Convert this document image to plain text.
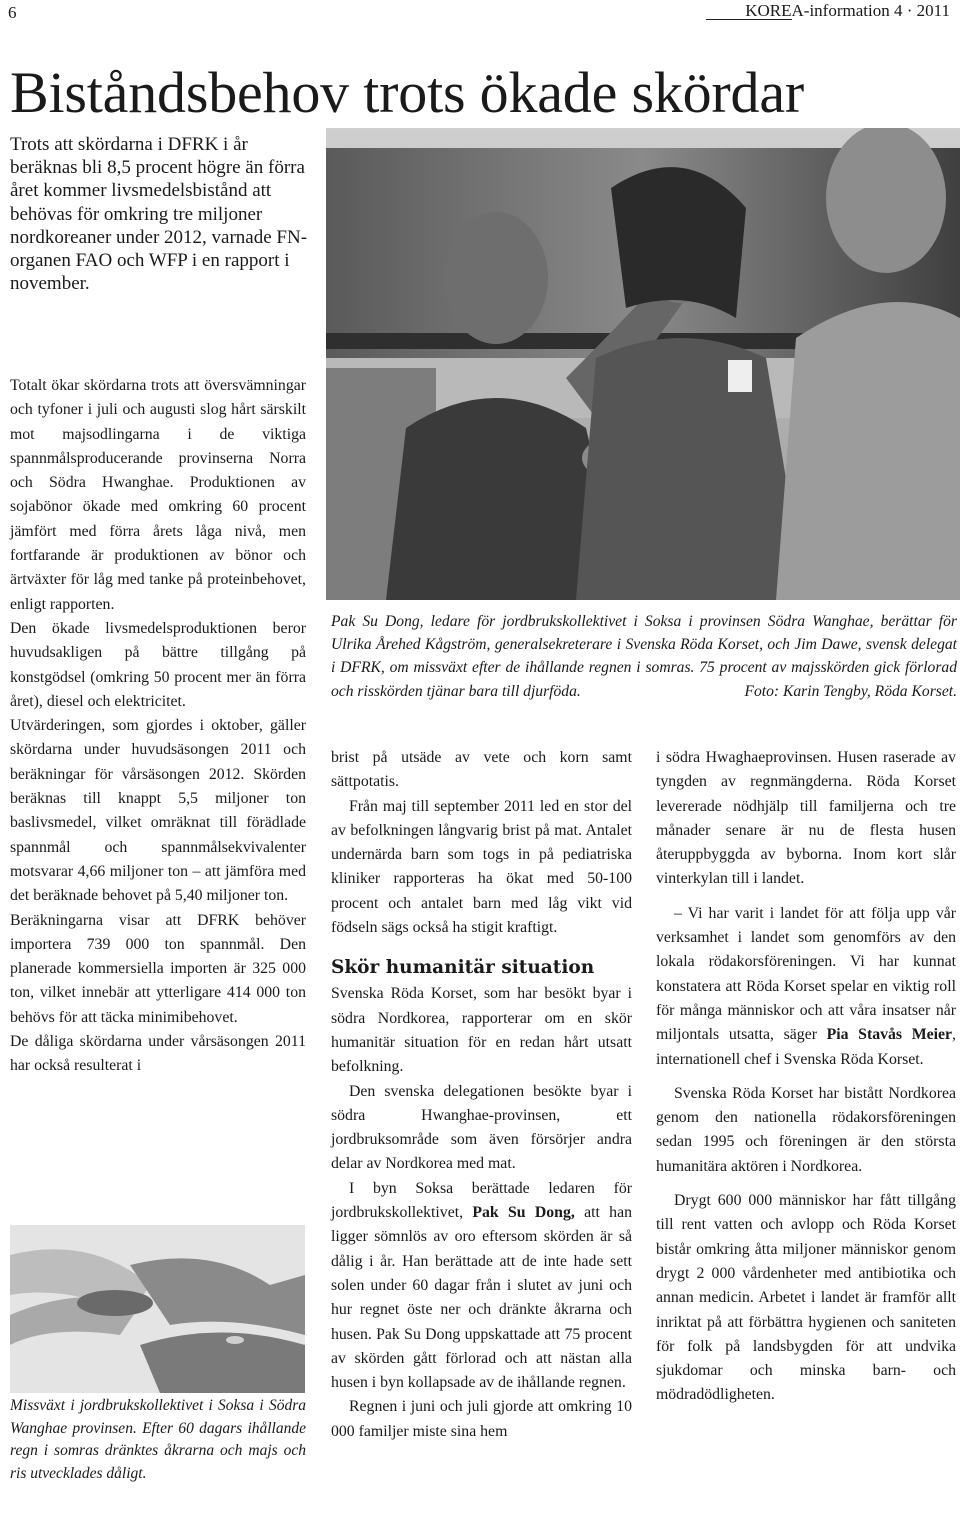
6	KOREA-information 4 · 2011
Biståndsbehov trots ökade skördar
Trots att skördarna i DFRK i år beräknas bli 8,5 procent högre än förra året kommer livsmedelsbistånd att behövas för omkring tre miljoner nordkoreaner under 2012, varnade FN-organen FAO och WFP i en rapport i november.

Totalt ökar skördarna trots att översvämningar och tyfoner i juli och augusti slog hårt särskilt mot majsodlingarna i de viktiga spannmålsproducerande provinserna Norra och Södra Hwanghae. Produktionen av sojabönor ökade med omkring 60 procent jämfört med förra årets låga nivå, men fortfarande är produktionen av bönor och ärtväxter för låg med tanke på proteinbehovet, enligt rapporten.

Den ökade livsmedelsproduktionen beror huvudsakligen på bättre tillgång på konstgödsel (omkring 50 procent mer än förra året), diesel och elektricitet.

Utvärderingen, som gjordes i oktober, gäller skördarna under huvudsäsongen 2011 och beräkningar för vårsäsongen 2012. Skörden beräknas till knappt 5,5 miljoner ton baslivsmedel, vilket omräknat till förädlade spannmål och spannmålsekvivalenter motsvarar 4,66 miljoner ton – att jämföra med det beräknade behovet på 5,40 miljoner ton.

Beräkningarna visar att DFRK behöver importera 739 000 ton spannmål. Den planerade kommersiella importen är 325 000 ton, vilket innebär att ytterligare 414 000 ton behövs för att täcka minimibehovet.

De dåliga skördarna under vårsäsongen 2011 har också resulterat i

Pak Su Dong, ledare för jordbrukskollektivet i Soksa i provinsen Södra Wanghae, berättar för Ulrika Årehed Kågström, generalsekreterare i Svenska Röda Korset, och Jim Dawe, svensk delegat i DFRK, om missväxt efter de ihållande regnen i somras. 75 procent av majsskörden gick förlorad och risskörden tjänar bara till djurföda.	Foto: Karin Tengby, Röda Korset.

brist på utsäde av vete och korn samt sättpotatis.

Från maj till september 2011 led en stor del av befolkningen långvarig brist på mat. Antalet undernärda barn som togs in på pediatriska kliniker rapporteras ha ökat med 50-100 procent och antalet barn med låg vikt vid födseln sägs också ha stigit kraftigt.

Skör humanitär situation

Svenska Röda Korset, som har besökt byar i södra Nordkorea, rapporterar om en skör humanitär situation för en redan hårt utsatt befolkning.

Den svenska delegationen besökte byar i södra Hwanghae-provinsen, ett jordbruksområde som även försörjer andra delar av Nordkorea med mat.

I byn Soksa berättade ledaren för jordbrukskollektivet, Pak Su Dong, att han ligger sömnlös av oro eftersom skörden är så dålig i år. Han berättade att de inte hade sett solen under 60 dagar från i slutet av juni och hur regnet öste ner och dränkte åkrarna och husen. Pak Su Dong uppskattade att 75 procent av skörden gått förlorad och att nästan alla husen i byn kollapsade av de ihållande regnen.

Regnen i juni och juli gjorde att omkring 10 000 familjer miste sina hem

i södra Hwaghaeprovinsen. Husen raserade av tyngden av regnmängderna. Röda Korset levererade nödhjälp till familjerna och tre månader senare är nu de flesta husen återuppbyggda av byborna. Inom kort slår vinterkylan till i landet.

– Vi har varit i landet för att följa upp vår verksamhet i landet som genomförs av den lokala rödakorsföreningen. Vi har kunnat konstatera att Röda Korset spelar en viktig roll för många människor och att våra insatser når miljontals utsatta, säger Pia Stavås Meier, internationell chef i Svenska Röda Korset.

Svenska Röda Korset har bistått Nordkorea genom den nationella rödakorsföreningen sedan 1995 och föreningen är den största humanitära aktören i Nordkorea.

Drygt 600 000 människor har fått tillgång till rent vatten och avlopp och Röda Korset bistår omkring åtta miljoner människor genom drygt 2 000 vårdenheter med antibiotika och annan medicin. Arbetet i landet är framför allt inriktat på att förbättra hygienen och saniteten för folk på landsbygden för att undvika sjukdomar och minska barn- och mödradödligheten.

Missväxt i jordbrukskollektivet i Soksa i Södra Wanghae provinsen. Efter 60 dagars ihållande regn i somras dränktes åkrarna och majs och ris utvecklades dåligt.
